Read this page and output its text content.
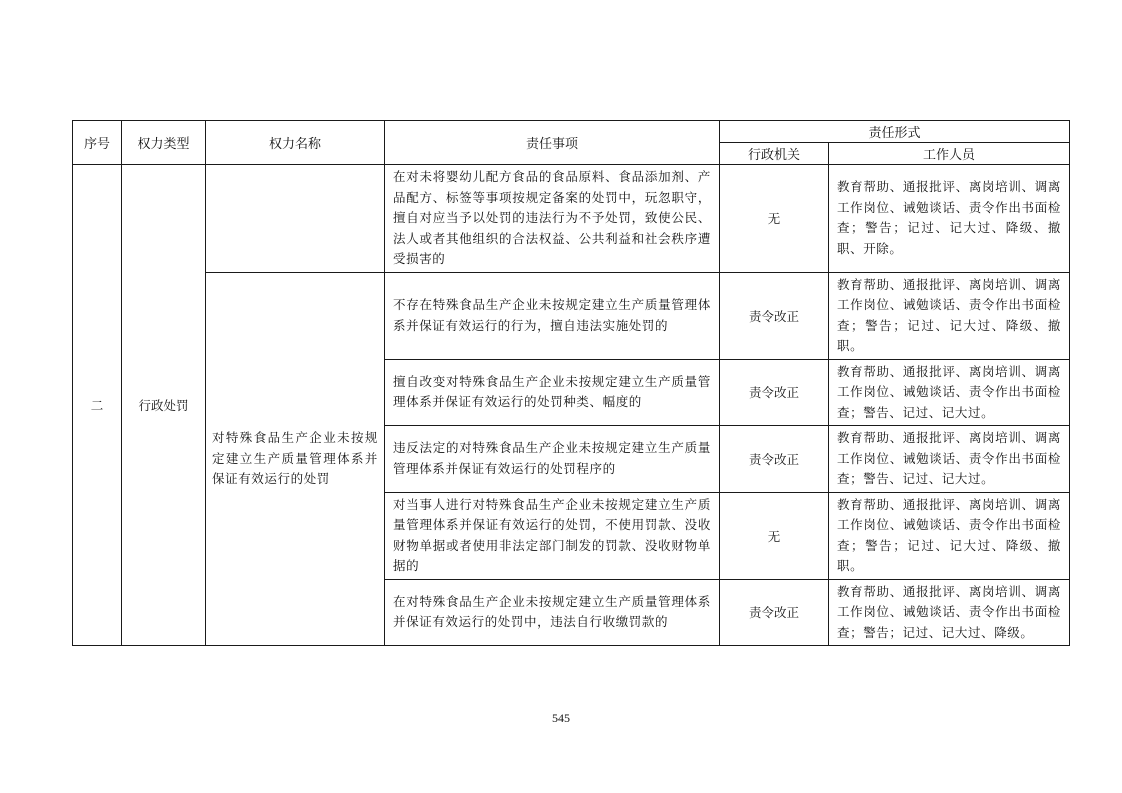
序号	权力类型	权力名称	责任事项	责任形式	
				行政机关	工作人员
二	行政处罚		在对未将婴幼儿配方食品的食品原料、食品添加剂、产品配方、标签等事项按规定备案的处罚中，玩忽职守，擅自对应当予以处罚的违法行为不予处罚，致使公民、法人或者其他组织的合法权益、公共利益和社会秩序遭受损害的	无	教育帮助、通报批评、离岗培训、调离工作岗位、诫勉谈话、责令作出书面检查；警告；记过、记大过、降级、撤职、开除。

		对特殊食品生产企业未按规定建立生产质量管理体系并保证有效运行的处罚	不存在特殊食品生产企业未按规定建立生产质量管理体系并保证有效运行的行为，擅自违法实施处罚的	责令改正	教育帮助、通报批评、离岗培训、调离工作岗位、诫勉谈话、责令作出书面检查；警告；记过、记大过、降级、撤职。

			擅自改变对特殊食品生产企业未按规定建立生产质量管理体系并保证有效运行的处罚种类、幅度的	责令改正	教育帮助、通报批评、离岗培训、调离工作岗位、诫勉谈话、责令作出书面检查；警告、记过、记大过。

			违反法定的对特殊食品生产企业未按规定建立生产质量管理体系并保证有效运行的处罚程序的	责令改正	教育帮助、通报批评、离岗培训、调离工作岗位、诫勉谈话、责令作出书面检查；警告、记过、记大过。

			对当事人进行对特殊食品生产企业未按规定建立生产质量管理体系并保证有效运行的处罚，不使用罚款、没收财物单据或者使用非法定部门制发的罚款、没收财物单据的	无	教育帮助、通报批评、离岗培训、调离工作岗位、诫勉谈话、责令作出书面检查；警告；记过、记大过、降级、撤职。

			在对特殊食品生产企业未按规定建立生产质量管理体系并保证有效运行的处罚中，违法自行收缴罚款的	责令改正	教育帮助、通报批评、离岗培训、调离工作岗位、诫勉谈话、责令作出书面检查；警告；记过、记大过、降级。
545
